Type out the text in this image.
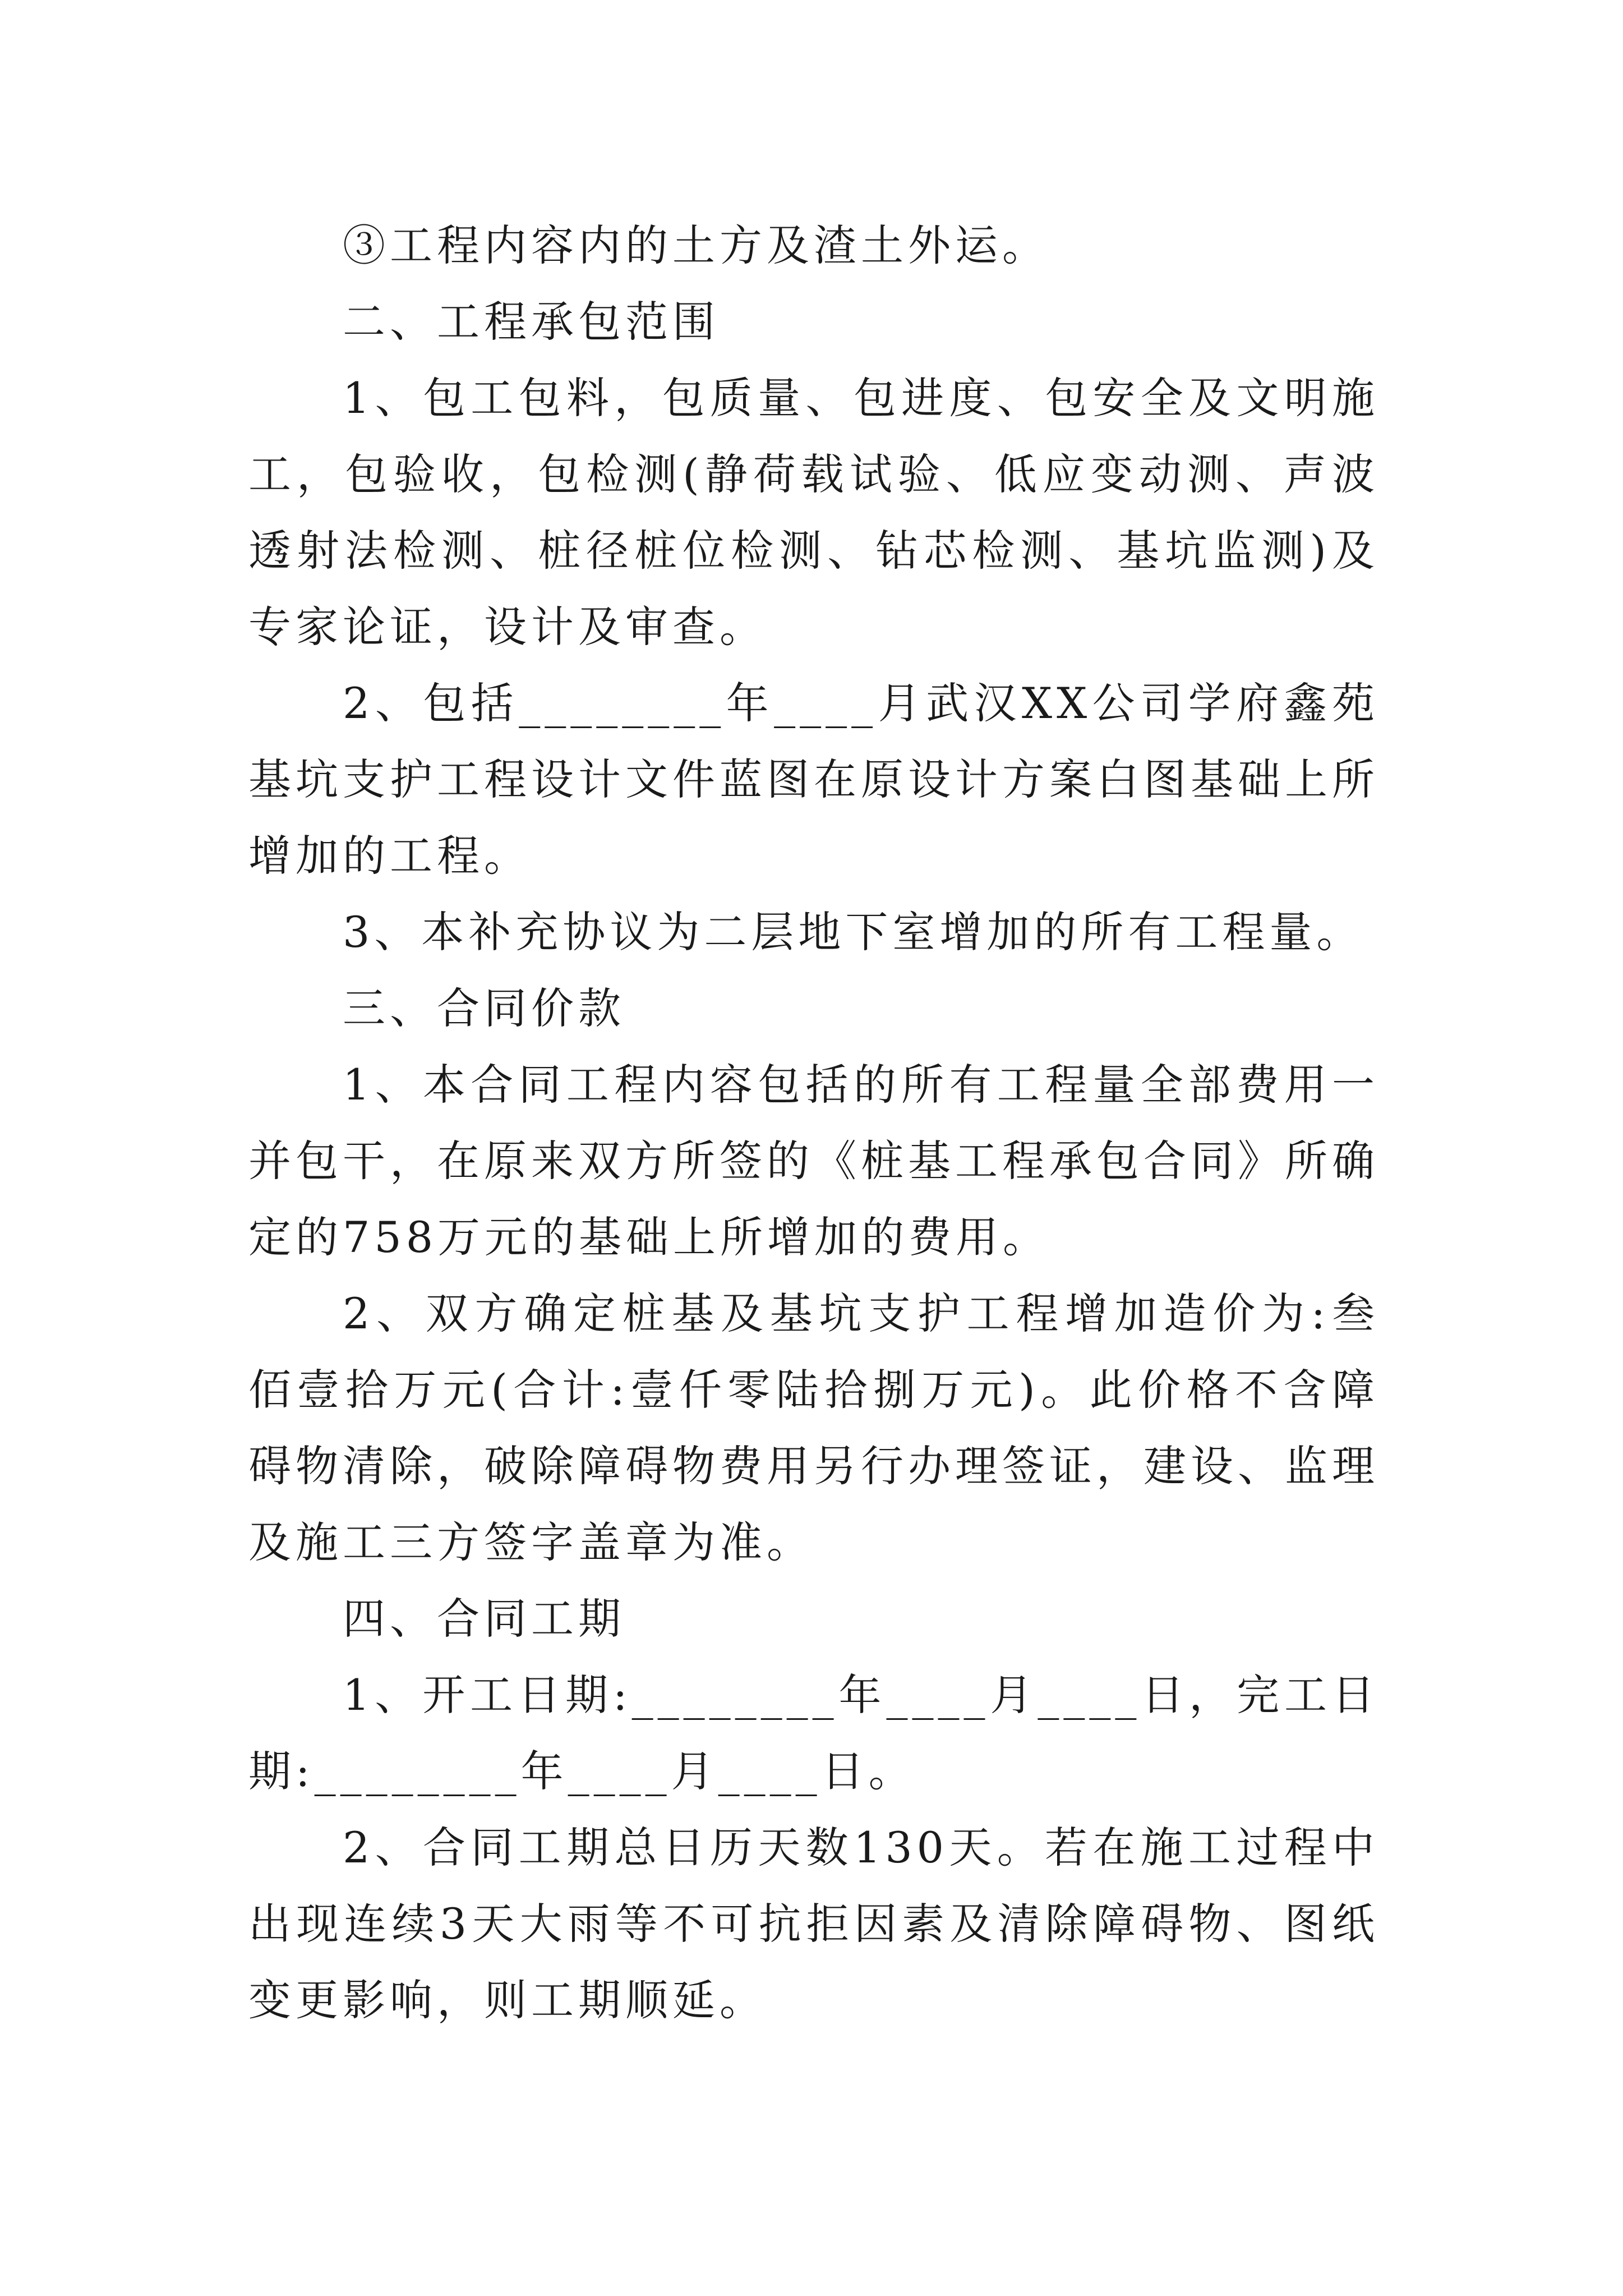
③工程内容内的土方及渣土外运。

二、工程承包范围

1、包工包料，包质量、包进度、包安全及文明施工，包验收，包检测(静荷载试验、低应变动测、声波透射法检测、桩径桩位检测、钻芯检测、基坑监测)及专家论证，设计及审查。

2、包括________年____月武汉XX公司学府鑫苑基坑支护工程设计文件蓝图在原设计方案白图基础上所增加的工程。

3、本补充协议为二层地下室增加的所有工程量。

三、合同价款

1、本合同工程内容包括的所有工程量全部费用一并包干，在原来双方所签的《桩基工程承包合同》所确定的758万元的基础上所增加的费用。

2、双方确定桩基及基坑支护工程增加造价为:叁佰壹拾万元(合计:壹仟零陆拾捌万元)。此价格不含障碍物清除，破除障碍物费用另行办理签证，建设、监理及施工三方签字盖章为准。

四、合同工期

1、开工日期:________年____月____日，完工日期:________年____月____日。

2、合同工期总日历天数130天。若在施工过程中出现连续3天大雨等不可抗拒因素及清除障碍物、图纸变更影响，则工期顺延。
